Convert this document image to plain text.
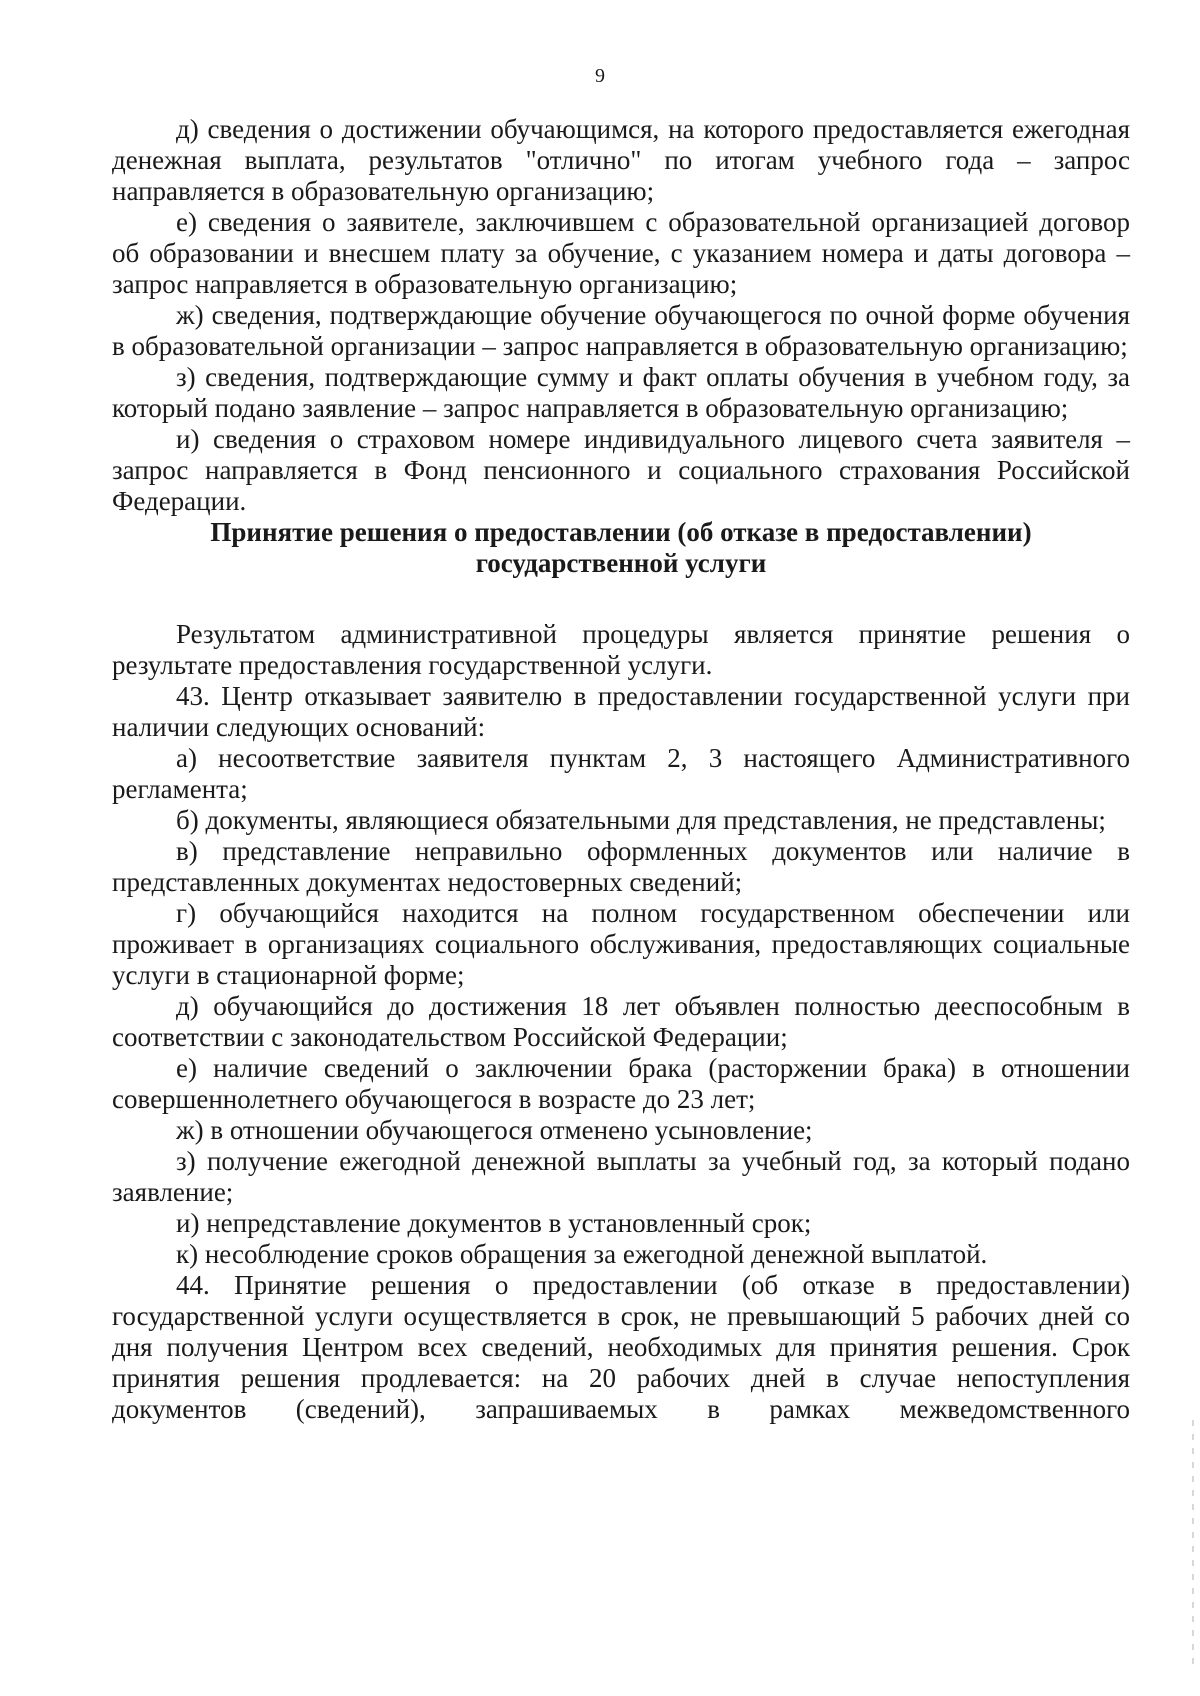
9

д) сведения о достижении обучающимся, на которого предоставляется ежегодная денежная выплата, результатов "отлично" по итогам учебного года – запрос направляется в образовательную организацию;

е) сведения о заявителе, заключившем с образовательной организацией договор об образовании и внесшем плату за обучение, с указанием номера и даты договора – запрос направляется в образовательную организацию;

ж) сведения, подтверждающие обучение обучающегося по очной форме обучения в образовательной организации – запрос направляется в образовательную организацию;

з) сведения, подтверждающие сумму и факт оплаты обучения в учебном году, за который подано заявление – запрос направляется в образовательную организацию;

и) сведения о страховом номере индивидуального лицевого счета заявителя – запрос направляется в Фонд пенсионного и социального страхования Российской Федерации.

Принятие решения о предоставлении (об отказе в предоставлении)

государственной услуги

Результатом административной процедуры является принятие решения о результате предоставления государственной услуги.

43. Центр отказывает заявителю в предоставлении государственной услуги при наличии следующих оснований:

а) несоответствие заявителя пунктам 2, 3 настоящего Административного регламента;

б) документы, являющиеся обязательными для представления, не представлены;

в) представление неправильно оформленных документов или наличие в представленных документах недостоверных сведений;

г) обучающийся находится на полном государственном обеспечении или проживает в организациях социального обслуживания, предоставляющих социальные услуги в стационарной форме;

д) обучающийся до достижения 18 лет объявлен полностью дееспособным в соответствии с законодательством Российской Федерации;

е) наличие сведений о заключении брака (расторжении брака) в отношении совершеннолетнего обучающегося в возрасте до 23 лет;

ж) в отношении обучающегося отменено усыновление;

з) получение ежегодной денежной выплаты за учебный год, за который подано заявление;

и) непредставление документов в установленный срок;

к) несоблюдение сроков обращения за ежегодной денежной выплатой.

44. Принятие решения о предоставлении (об отказе в предоставлении) государственной услуги осуществляется в срок, не превышающий 5 рабочих дней со дня получения Центром всех сведений, необходимых для принятия решения. Срок принятия решения продлевается: на 20 рабочих дней в случае непоступления документов (сведений), запрашиваемых в рамках межведомственного
